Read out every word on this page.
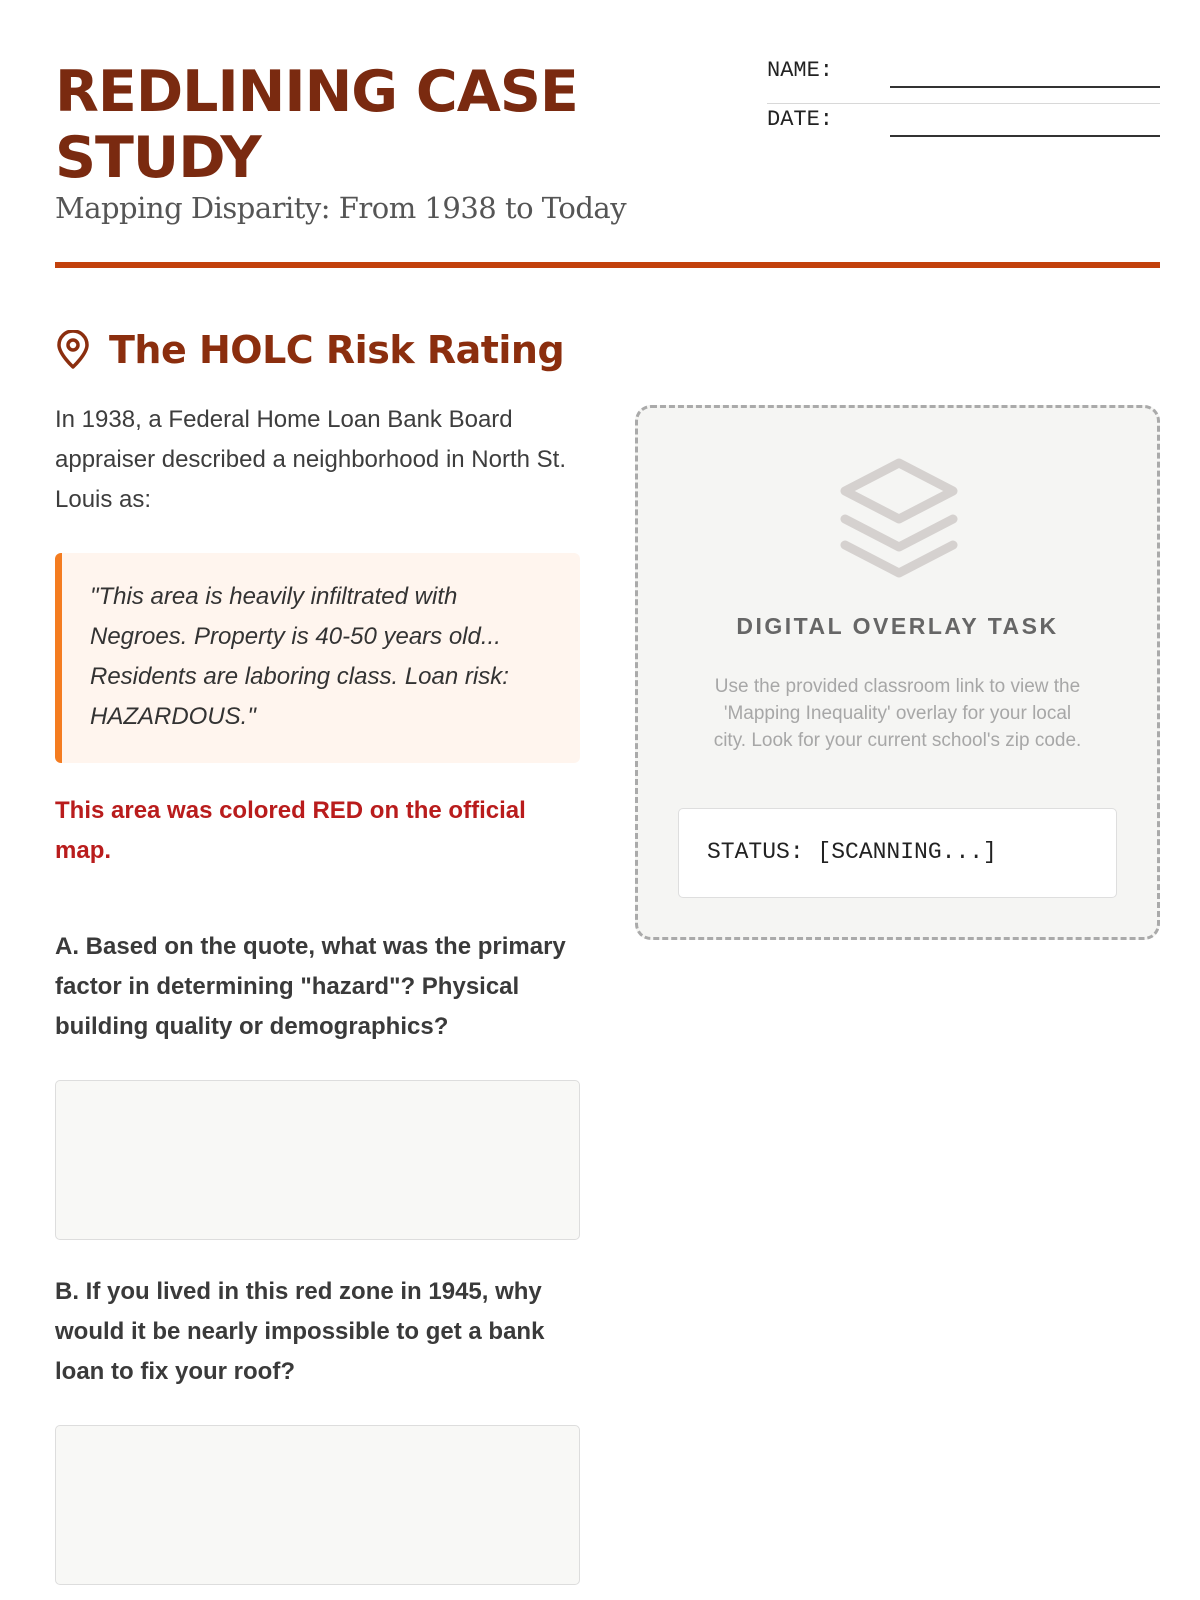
REDLINING CASE STUDY
Mapping Disparity: From 1938 to Today
NAME:
DATE:
The HOLC Risk Rating

In 1938, a Federal Home Loan Bank Board appraiser described a neighborhood in North St. Louis as:

"This area is heavily infiltrated with Negroes. Property is 40-50 years old... Residents are laboring class. Loan risk: HAZARDOUS."

This area was colored RED on the official map.

A. Based on the quote, what was the primary factor in determining "hazard"? Physical building quality or demographics?

B. If you lived in this red zone in 1945, why would it be nearly impossible to get a bank loan to fix your roof?

DIGITAL OVERLAY TASK

Use the provided classroom link to view the 'Mapping Inequality' overlay for your local city. Look for your current school's zip code.

STATUS: [SCANNING...]
